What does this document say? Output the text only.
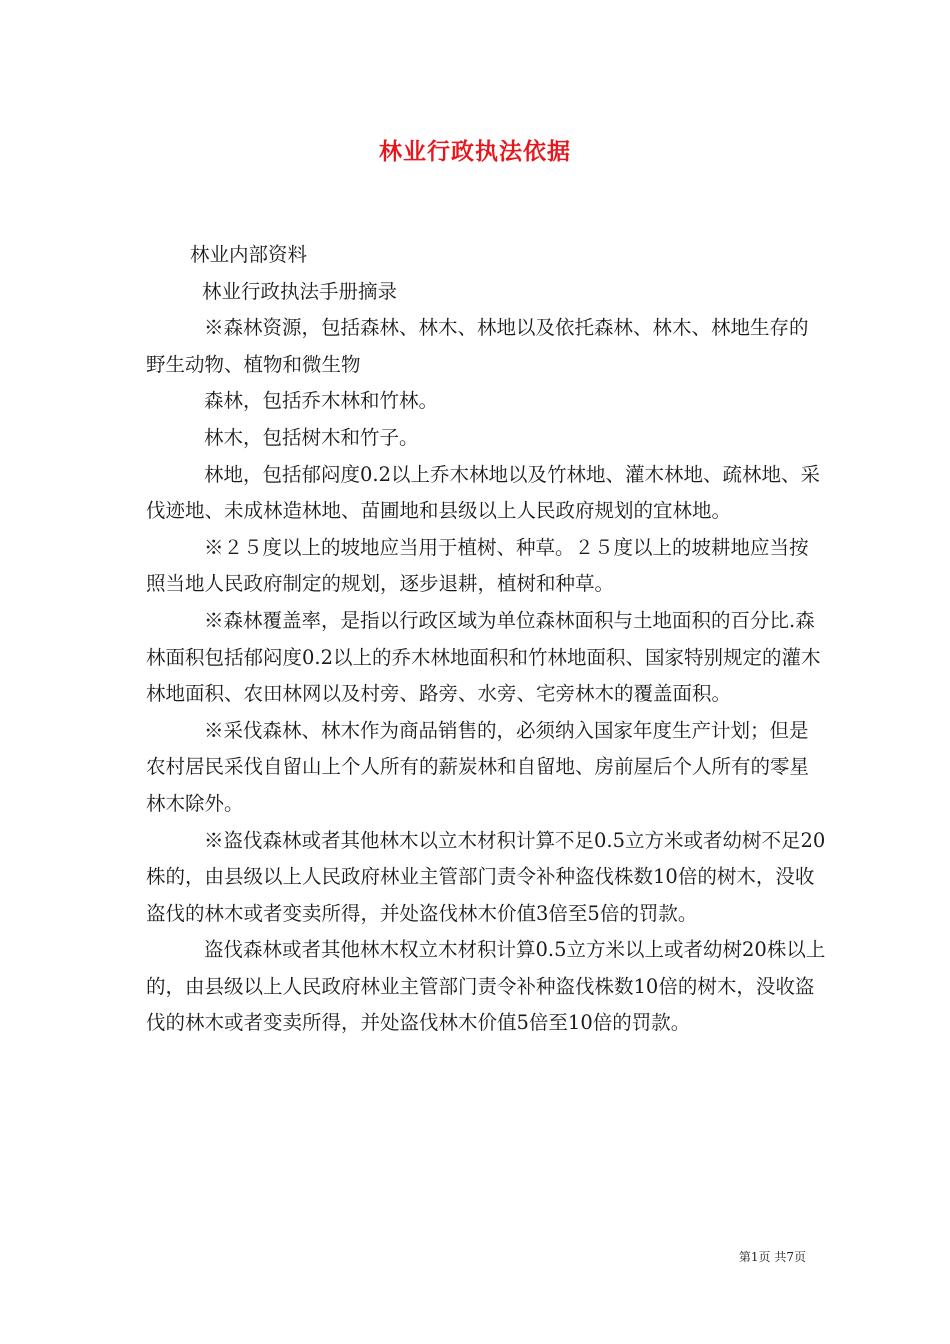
林业行政执法依据

林业内部资料

林业行政执法手册摘录

※森林资源，包括森林、林木、林地以及依托森林、林木、林地生存的野生动物、植物和微生物

森林，包括乔木林和竹林。

林木，包括树木和竹子。

林地，包括郁闷度0.2以上乔木林地以及竹林地、灌木林地、疏林地、采伐迹地、未成林造林地、苗圃地和县级以上人民政府规划的宜林地。

※２５度以上的坡地应当用于植树、种草。２５度以上的坡耕地应当按照当地人民政府制定的规划，逐步退耕，植树和种草。

※森林覆盖率，是指以行政区域为单位森林面积与土地面积的百分比.森林面积包括郁闷度0.2以上的乔木林地面积和竹林地面积、国家特别规定的灌木林地面积、农田林网以及村旁、路旁、水旁、宅旁林木的覆盖面积。

※采伐森林、林木作为商品销售的，必须纳入国家年度生产计划；但是农村居民采伐自留山上个人所有的薪炭林和自留地、房前屋后个人所有的零星林木除外。

※盗伐森林或者其他林木以立木材积计算不足0.5立方米或者幼树不足20株的，由县级以上人民政府林业主管部门责令补种盗伐株数10倍的树木，没收盗伐的林木或者变卖所得，并处盗伐林木价值3倍至5倍的罚款。

盗伐森林或者其他林木权立木材积计算0.5立方米以上或者幼树20株以上的，由县级以上人民政府林业主管部门责令补种盗伐株数10倍的树木，没收盗伐的林木或者变卖所得，并处盗伐林木价值5倍至10倍的罚款。

第1页 共7页
